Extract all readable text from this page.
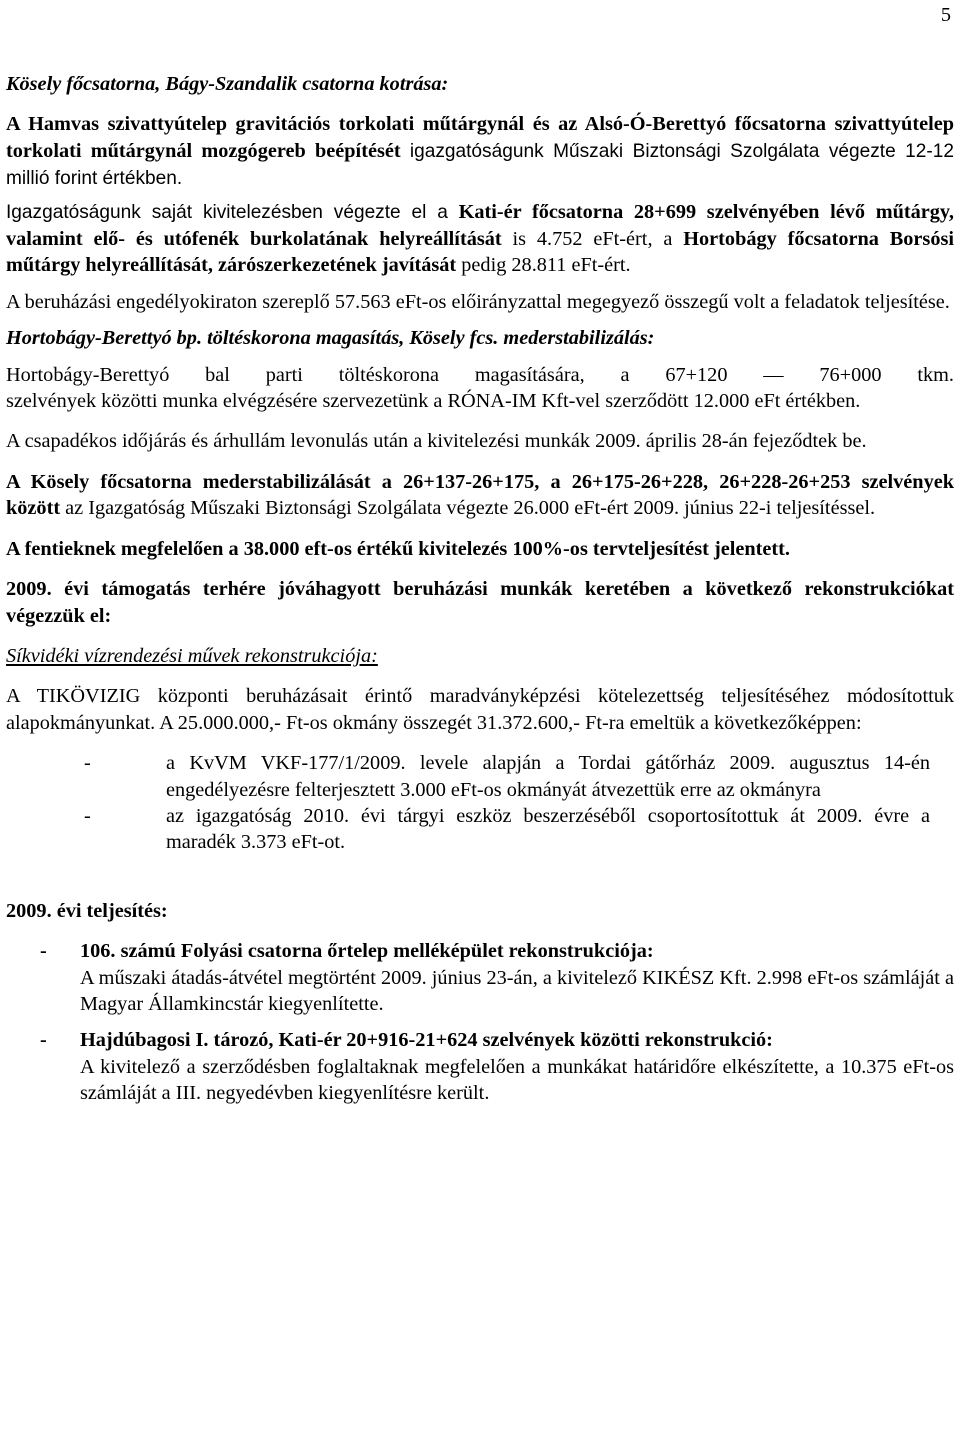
5

Kösely főcsatorna, Bágy-Szandalik csatorna kotrása:

A Hamvas szivattyútelep gravitációs torkolati műtárgynál és az Alsó-Ó-Berettyó főcsatorna szivattyútelep torkolati műtárgynál mozgógereb beépítését igazgatóságunk Műszaki Biztonsági Szolgálata végezte 12-12 millió forint értékben.

Igazgatóságunk saját kivitelezésben végezte el a Kati-ér főcsatorna 28+699 szelvényében lévő műtárgy, valamint elő- és utófenék burkolatának helyreállítását is 4.752 eFt-ért, a Hortobágy főcsatorna Borsósi műtárgy helyreállítását, zárószerkezetének javítását pedig 28.811 eFt-ért.

A beruházási engedélyokiraton szereplő 57.563 eFt-os előirányzattal megegyező összegű volt a feladatok teljesítése.

Hortobágy-Berettyó bp. töltéskorona magasítás, Kösely fcs. mederstabilizálás:

Hortobágy-Berettyó bal parti töltéskorona magasítására, a 67+120 — 76+000 tkm.

szelvények közötti munka elvégzésére szervezetünk a RÓNA-IM Kft-vel szerződött 12.000 eFt értékben.

A csapadékos időjárás és árhullám levonulás után a kivitelezési munkák 2009. április 28-án fejeződtek be.

A Kösely főcsatorna mederstabilizálását a 26+137-26+175, a 26+175-26+228, 26+228-26+253 szelvények között az Igazgatóság Műszaki Biztonsági Szolgálata végezte 26.000 eFt-ért 2009. június 22-i teljesítéssel.

A fentieknek megfelelően a 38.000 eft-os értékű kivitelezés 100%-os tervteljesítést jelentett.

2009. évi támogatás terhére jóváhagyott beruházási munkák keretében a következő rekonstrukciókat végezzük el:

Síkvidéki vízrendezési művek rekonstrukciója:

A TIKÖVIZIG központi beruházásait érintő maradványképzési kötelezettség teljesítéséhez módosítottuk alapokmányunkat. A 25.000.000,- Ft-os okmány összegét 31.372.600,- Ft-ra emeltük a következőképpen:

- a KvVM VKF-177/1/2009. levele alapján a Tordai gátőrház 2009. augusztus 14-én engedélyezésre felterjesztett 3.000 eFt-os okmányát átvezettük erre az okmányra
- az igazgatóság 2010. évi tárgyi eszköz beszerzéséből csoportosítottuk át 2009. évre a maradék 3.373 eFt-ot.

2009. évi teljesítés:

- 106. számú Folyási csatorna őrtelep melléképület rekonstrukciója:
A műszaki átadás-átvétel megtörtént 2009. június 23-án, a kivitelező KIKÉSZ Kft. 2.998 eFt-os számláját a Magyar Államkincstár kiegyenlítette.
- Hajdúbagosi I. tározó, Kati-ér 20+916-21+624 szelvények közötti rekonstrukció:
A kivitelező a szerződésben foglaltaknak megfelelően a munkákat határidőre elkészítette, a 10.375 eFt-os számláját a III. negyedévben kiegyenlítésre került.
